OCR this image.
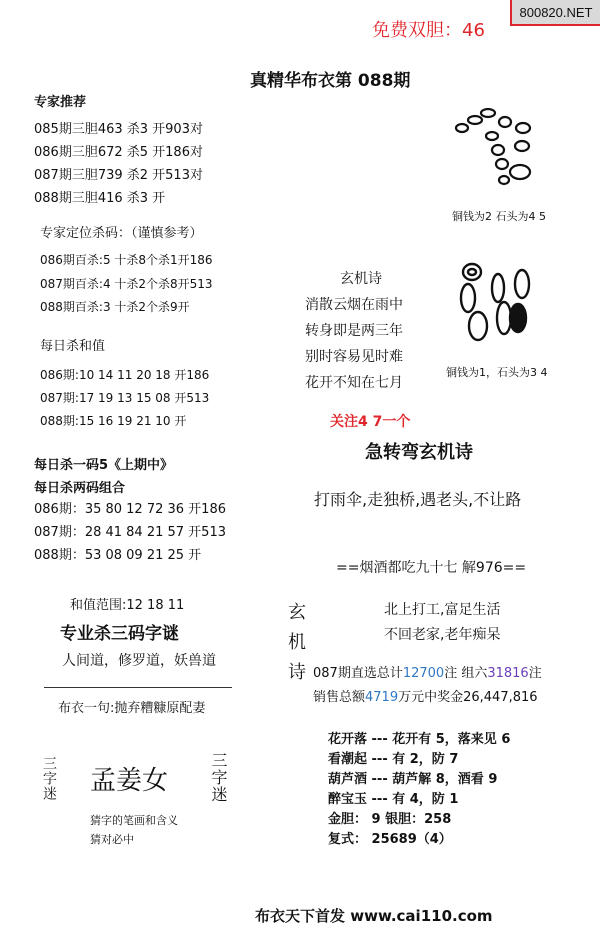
800820.NET
免费双胆：46
真精华布衣第 088期
专家推荐
085期三胆463 杀3 开903对
086期三胆672 杀5 开186对
087期三胆739 杀2 开513对
088期三胆416 杀3 开
专家定位杀码：（谨慎参考）
086期百杀:5 十杀8个杀1开186
087期百杀:4 十杀2个杀8开513
088期百杀:3 十杀2个杀9开
每日杀和值
086期:10 14 11 20 18 开186
087期:17 19 13 15 08 开513
088期:15 16 19 21 10 开
每日杀一码5《上期中》
每日杀两码组合
086期：35 80 12 72 36 开186
087期：28 41 84 21 57 开513
088期：53 08 09 21 25 开
和值范围:12 18 11
专业杀三码字谜
人间道，修罗道，妖兽道
布衣一句:抛弃糟糠原配妻
三字迷 孟姜女	三字迷
猜字的笔画和含义
猜对必中
铜钱为2 石头为4 5
铜钱为1，石头为3 4
玄机诗
消散云烟在雨中
转身即是两三年
别时容易见时难
花开不知在七月
关注4 7一个
急转弯玄机诗
打雨伞,走独桥,遇老头,不让路
==烟酒都吃九十七 解976==
玄
机
诗
北上打工,富足生活
不回老家,老年痴呆
087期直选总计12700注 组六31816注
销售总额4719万元中奖金26,447,816
花开落 --- 花开有 5，落来见 6
看潮起 --- 有 2，防 7
葫芦酒 --- 葫芦解 8，酒看 9
醉宝玉 --- 有 4，防 1
金胆： 9 银胆：258
复式： 25689（4）
布衣天下首发 www.cai110.com
